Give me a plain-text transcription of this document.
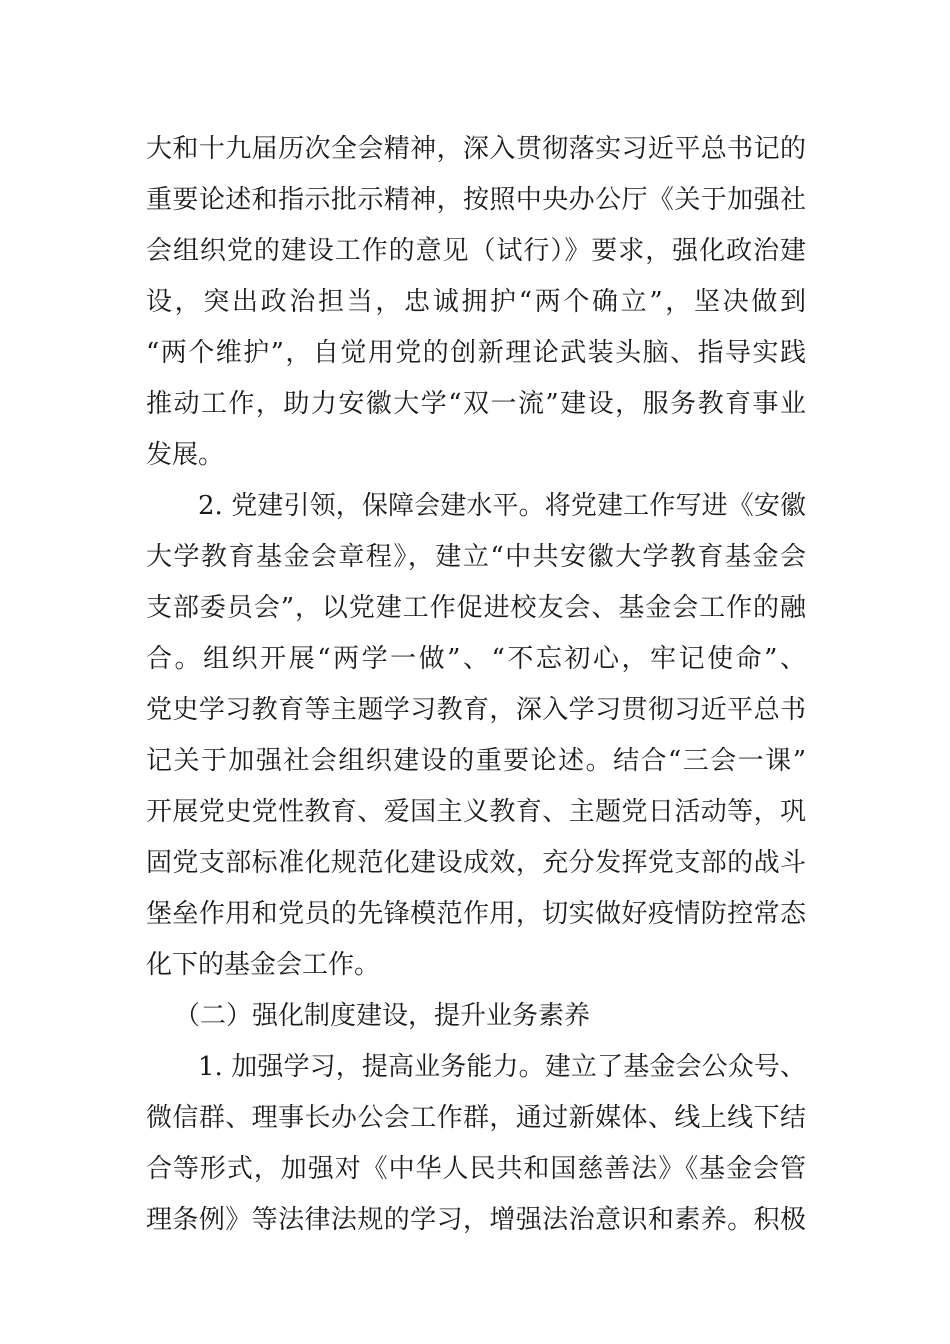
大和十九届历次全会精神，深入贯彻落实习近平总书记的
重要论述和指示批示精神，按照中央办公厅《关于加强社
会组织党的建设工作的意见（试行）》要求，强化政治建
设，突出政治担当，忠诚拥护“两个确立”，坚决做到
“两个维护”，自觉用党的创新理论武装头脑、指导实践
推动工作，助力安徽大学“双一流”建设，服务教育事业
发展。
2. 党建引领，保障会建水平。将党建工作写进《安徽
大学教育基金会章程》，建立“中共安徽大学教育基金会
支部委员会”，以党建工作促进校友会、基金会工作的融
合。组织开展“两学一做”、“不忘初心，牢记使命”、
党史学习教育等主题学习教育，深入学习贯彻习近平总书
记关于加强社会组织建设的重要论述。结合“三会一课”
开展党史党性教育、爱国主义教育、主题党日活动等，巩
固党支部标准化规范化建设成效，充分发挥党支部的战斗
堡垒作用和党员的先锋模范作用，切实做好疫情防控常态
化下的基金会工作。
（二）强化制度建设，提升业务素养
1. 加强学习，提高业务能力。建立了基金会公众号、
微信群、理事长办公会工作群，通过新媒体、线上线下结
合等形式，加强对《中华人民共和国慈善法》《基金会管
理条例》等法律法规的学习，增强法治意识和素养。积极
